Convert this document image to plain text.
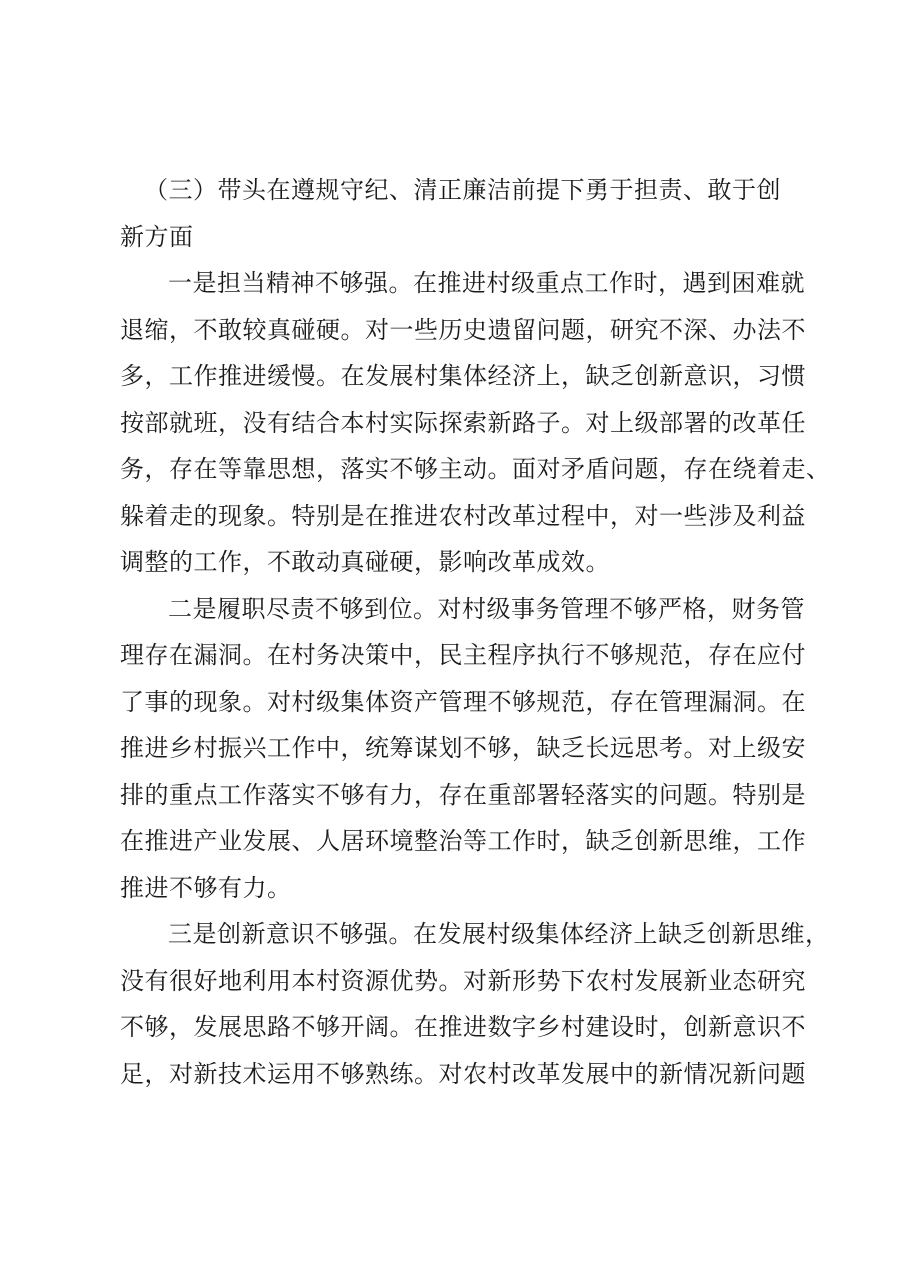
（三）带头在遵规守纪、清正廉洁前提下勇于担责、敢于创
新方面
一是担当精神不够强。在推进村级重点工作时，遇到困难就
退缩，不敢较真碰硬。对一些历史遗留问题，研究不深、办法不
多，工作推进缓慢。在发展村集体经济上，缺乏创新意识，习惯
按部就班，没有结合本村实际探索新路子。对上级部署的改革任
务，存在等靠思想，落实不够主动。面对矛盾问题，存在绕着走、
躲着走的现象。特别是在推进农村改革过程中，对一些涉及利益
调整的工作，不敢动真碰硬，影响改革成效。
二是履职尽责不够到位。对村级事务管理不够严格，财务管
理存在漏洞。在村务决策中，民主程序执行不够规范，存在应付
了事的现象。对村级集体资产管理不够规范，存在管理漏洞。在
推进乡村振兴工作中，统筹谋划不够，缺乏长远思考。对上级安
排的重点工作落实不够有力，存在重部署轻落实的问题。特别是
在推进产业发展、人居环境整治等工作时，缺乏创新思维，工作
推进不够有力。
三是创新意识不够强。在发展村级集体经济上缺乏创新思维，
没有很好地利用本村资源优势。对新形势下农村发展新业态研究
不够，发展思路不够开阔。在推进数字乡村建设时，创新意识不
足，对新技术运用不够熟练。对农村改革发展中的新情况新问题
